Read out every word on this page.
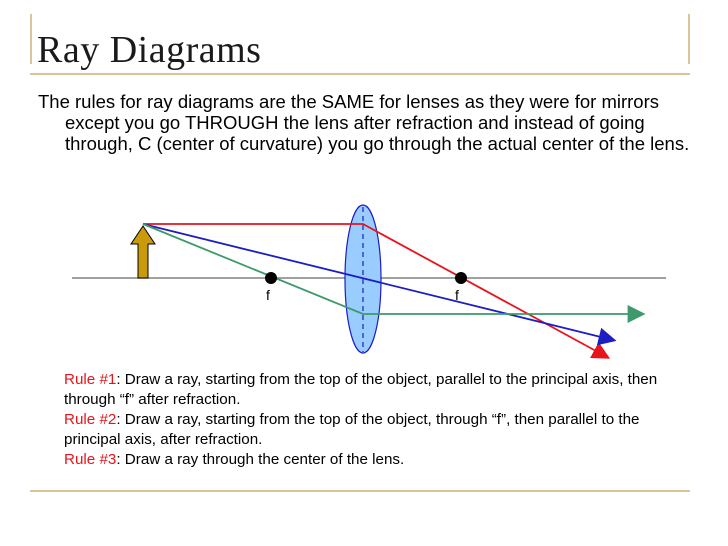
Ray Diagrams
The rules for ray diagrams are the SAME for lenses as they were for mirrors except you go THROUGH the lens after refraction and instead of going through, C (center of curvature) you go through the actual center of the lens.
f	f
Rule #1: Draw a ray, starting from the top of the object, parallel to the principal axis, then through “f” after refraction.
Rule #2: Draw a ray, starting from the top of the object, through “f”, then parallel to the principal axis, after refraction.
Rule #3: Draw a ray through the center of the lens.
